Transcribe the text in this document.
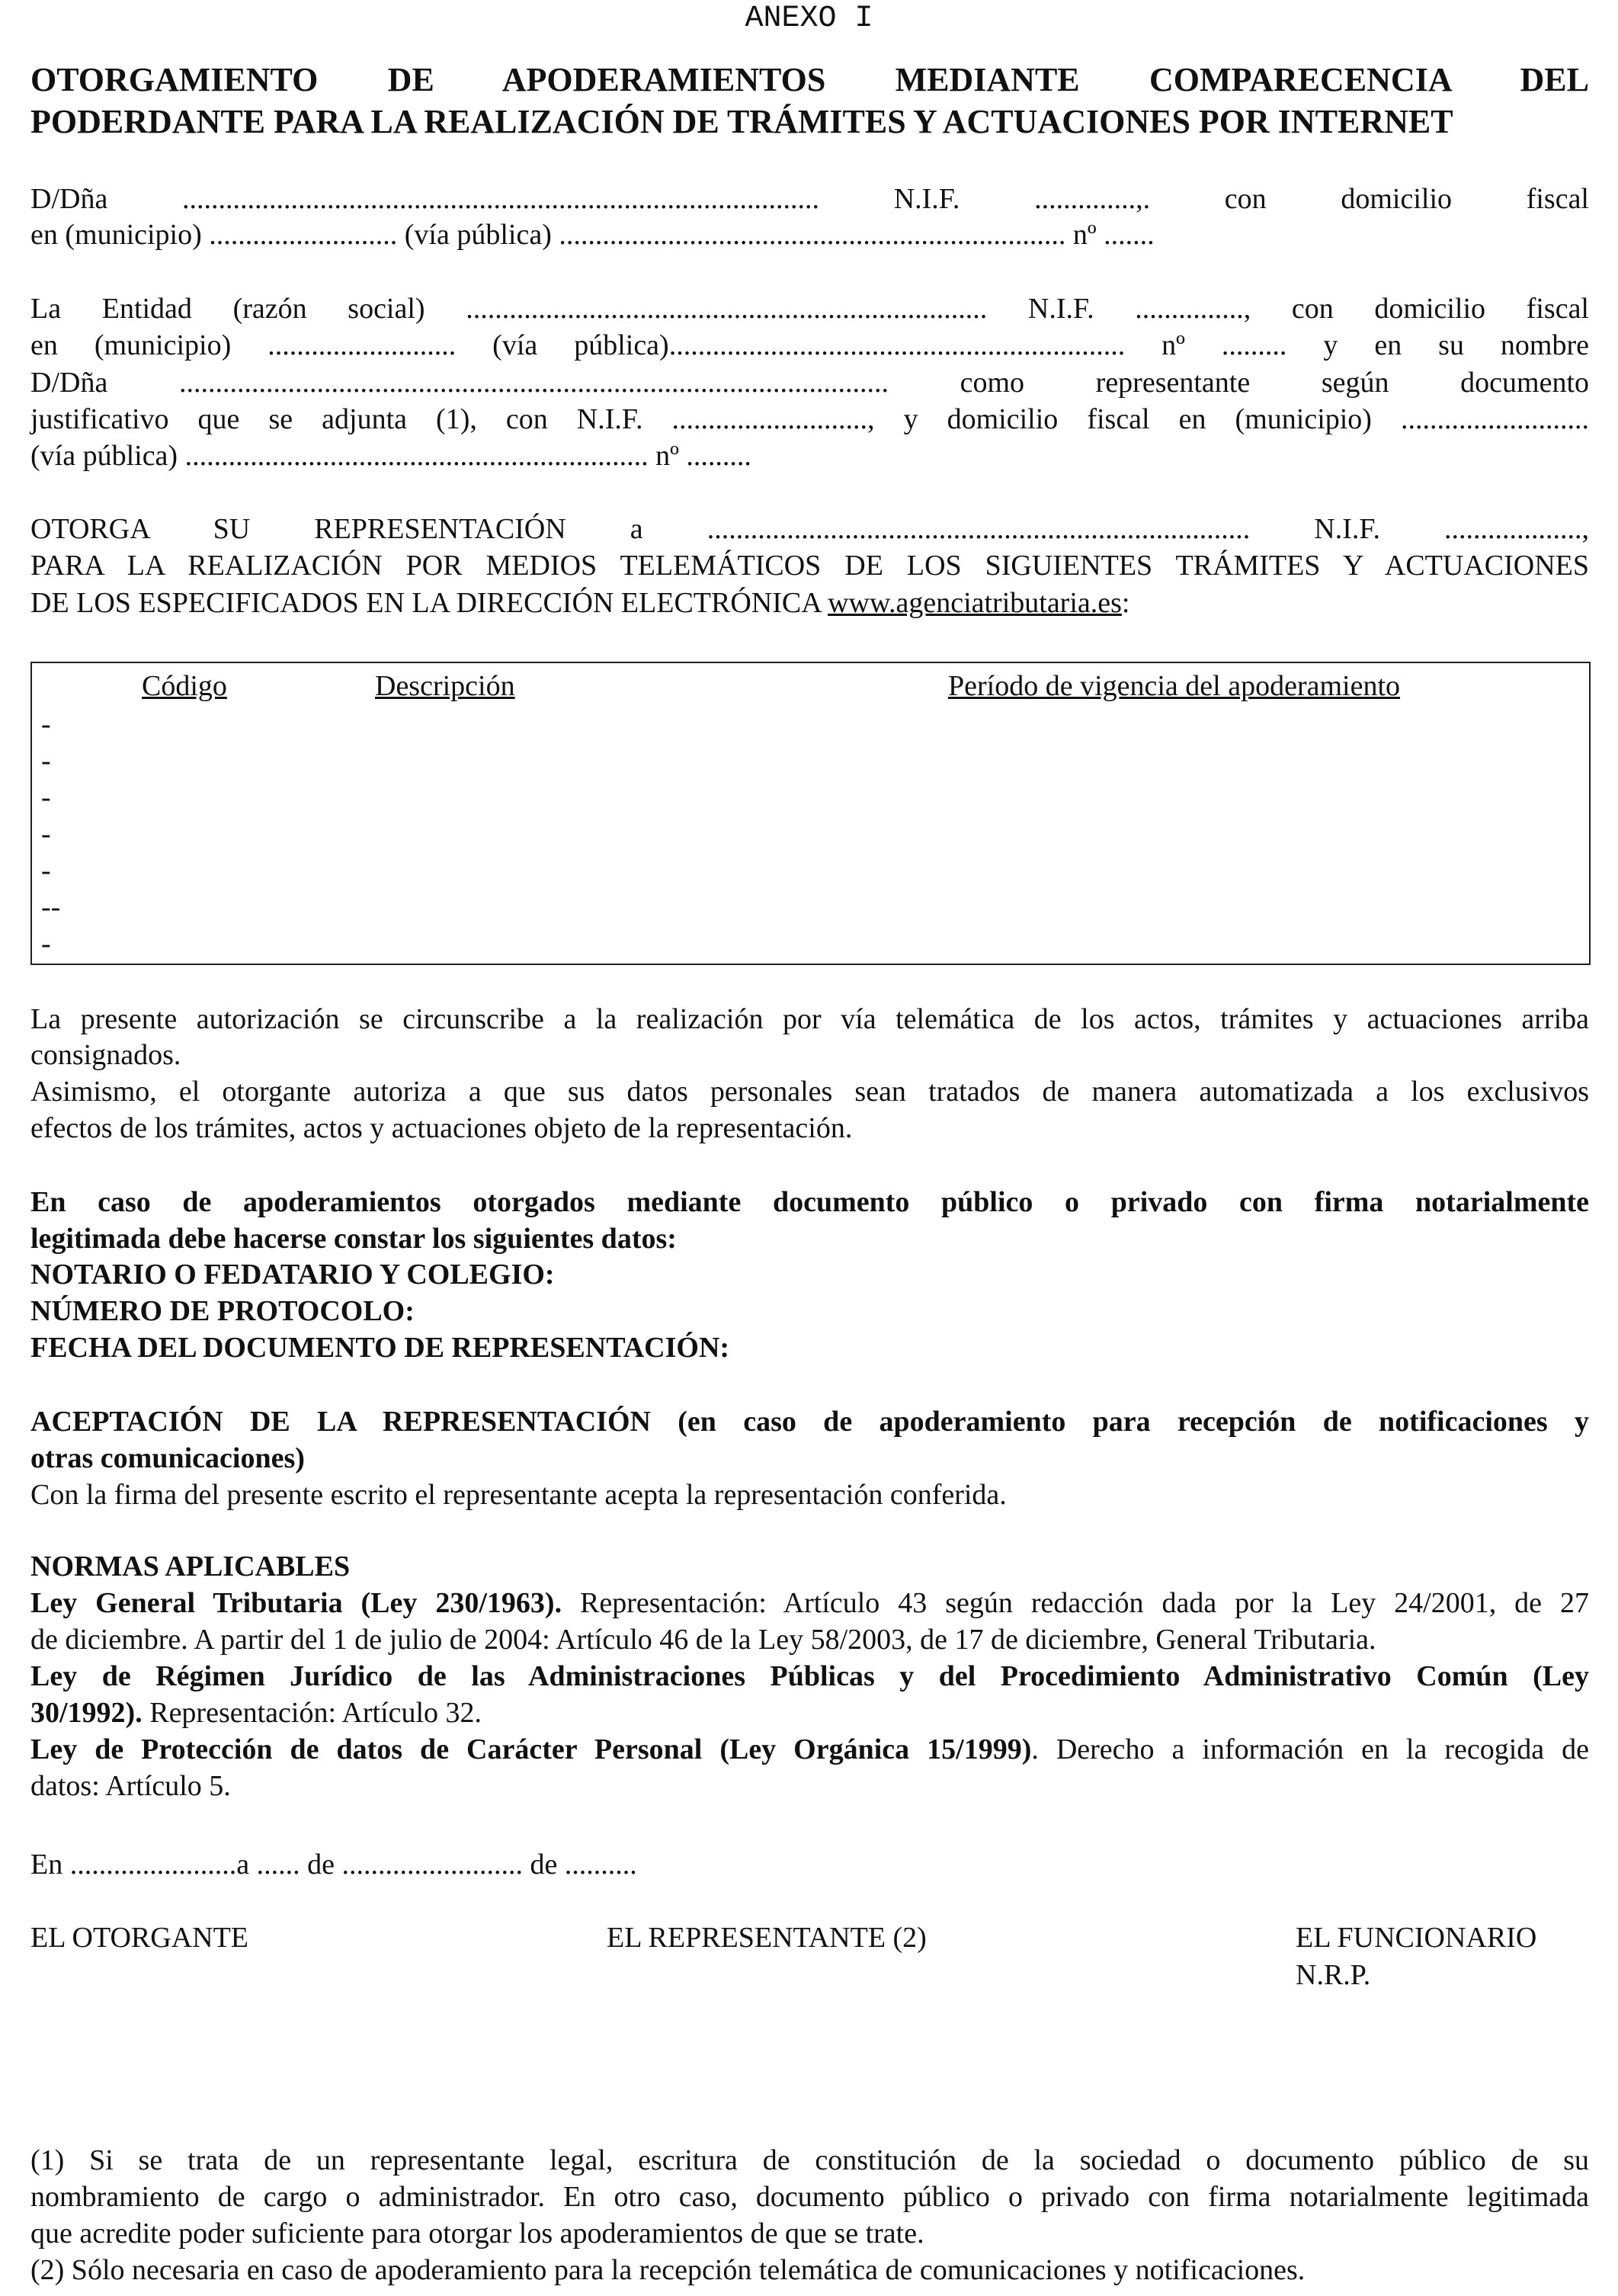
ANEXO I
OTORGAMIENTO DE APODERAMIENTOS MEDIANTE COMPARECENCIA DEL
PODERDANTE PARA LA REALIZACIÓN DE TRÁMITES Y ACTUACIONES POR INTERNET
D/Dña ........................................................................................ N.I.F. ..............,. con domicilio fiscal
en (municipio) .......................... (vía pública) ...................................................................... nº .......
La Entidad (razón social) ........................................................................ N.I.F. ..............., con domicilio fiscal
en (municipio) .......................... (vía pública)............................................................... nº ......... y en su nombre
D/Dña .................................................................................................. como representante según documento
justificativo que se adjunta (1), con N.I.F. ..........................., y domicilio fiscal en (municipio) ..........................
(vía pública) ................................................................ nº .........
OTORGA SU REPRESENTACIÓN a ........................................................................... N.I.F. ...................,
PARA LA REALIZACIÓN POR MEDIOS TELEMÁTICOS DE LOS SIGUIENTES TRÁMITES Y ACTUACIONES
DE LOS ESPECIFICADOS EN LA DIRECCIÓN ELECTRÓNICA www.agenciatributaria.es:
Código	Descripción	Período de vigencia del apoderamiento
-
-
-
-
-
--
-
La presente autorización se circunscribe a la realización por vía telemática de los actos, trámites y actuaciones arriba
consignados.
Asimismo, el otorgante autoriza a que sus datos personales sean tratados de manera automatizada a los exclusivos
efectos de los trámites, actos y actuaciones objeto de la representación.
En caso de apoderamientos otorgados mediante documento público o privado con firma notarialmente
legitimada debe hacerse constar los siguientes datos:
NOTARIO O FEDATARIO Y COLEGIO:
NÚMERO DE PROTOCOLO:
FECHA DEL DOCUMENTO DE REPRESENTACIÓN:
ACEPTACIÓN DE LA REPRESENTACIÓN (en caso de apoderamiento para recepción de notificaciones y
otras comunicaciones)
Con la firma del presente escrito el representante acepta la representación conferida.
NORMAS APLICABLES
Ley General Tributaria (Ley 230/1963). Representación: Artículo 43 según redacción dada por la Ley 24/2001, de 27
de diciembre. A partir del 1 de julio de 2004: Artículo 46 de la Ley 58/2003, de 17 de diciembre, General Tributaria.
Ley de Régimen Jurídico de las Administraciones Públicas y del Procedimiento Administrativo Común (Ley
30/1992). Representación: Artículo 32.
Ley de Protección de datos de Carácter Personal (Ley Orgánica 15/1999). Derecho a información en la recogida de
datos: Artículo 5.
En .......................a ...... de ......................... de ..........
EL OTORGANTE	EL REPRESENTANTE (2)	EL FUNCIONARIO
N.R.P.
(1) Si se trata de un representante legal, escritura de constitución de la sociedad o documento público de su
nombramiento de cargo o administrador. En otro caso, documento público o privado con firma notarialmente legitimada
que acredite poder suficiente para otorgar los apoderamientos de que se trate.
(2) Sólo necesaria en caso de apoderamiento para la recepción telemática de comunicaciones y notificaciones.
